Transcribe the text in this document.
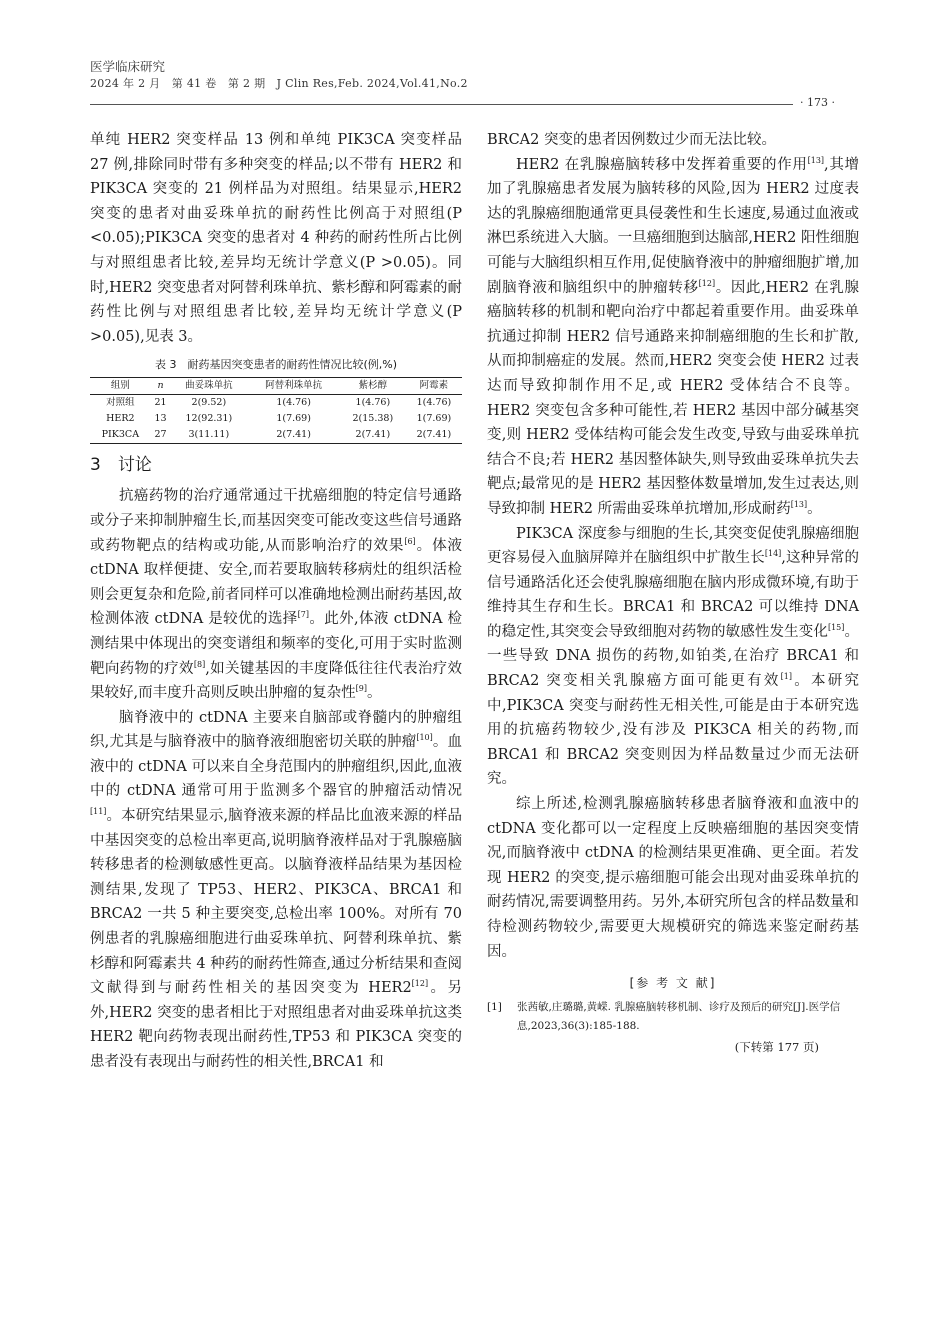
医学临床研究
2024 年 2 月　第 41 卷　第 2 期　J Clin Res,Feb. 2024,Vol.41,No.2
· 173 ·

单纯 HER2 突变样品 13 例和单纯 PIK3CA 突变样品 27 例,排除同时带有多种突变的样品;以不带有 HER2 和 PIK3CA 突变的 21 例样品为对照组。结果显示,HER2 突变的患者对曲妥珠单抗的耐药性比例高于对照组(P <0.05);PIK3CA 突变的患者对 4 种药的耐药性所占比例与对照组患者比较,差异均无统计学意义(P >0.05)。同时,HER2 突变患者对阿替利珠单抗、紫杉醇和阿霉素的耐药性比例与对照组患者比较,差异均无统计学意义(P >0.05),见表 3。

表 3　耐药基因突变患者的耐药性情况比较(例,%)
组别	n	曲妥珠单抗	阿替利珠单抗	紫杉醇	阿霉素
对照组	21	2(9.52)	1(4.76)	1(4.76)	1(4.76)
HER2	13	12(92.31)	1(7.69)	2(15.38)	1(7.69)
PIK3CA	27	3(11.11)	2(7.41)	2(7.41)	2(7.41)
3　讨论

抗癌药物的治疗通常通过干扰癌细胞的特定信号通路或分子来抑制肿瘤生长,而基因突变可能改变这些信号通路或药物靶点的结构或功能,从而影响治疗的效果[6]。体液 ctDNA 取样便捷、安全,而若要取脑转移病灶的组织活检则会更复杂和危险,前者同样可以准确地检测出耐药基因,故检测体液 ctDNA 是较优的选择[7]。此外,体液 ctDNA 检测结果中体现出的突变谱组和频率的变化,可用于实时监测靶向药物的疗效[8],如关键基因的丰度降低往往代表治疗效果较好,而丰度升高则反映出肿瘤的复杂性[9]。

脑脊液中的 ctDNA 主要来自脑部或脊髓内的肿瘤组织,尤其是与脑脊液中的脑脊液细胞密切关联的肿瘤[10]。血液中的 ctDNA 可以来自全身范围内的肿瘤组织,因此,血液中的 ctDNA 通常可用于监测多个器官的肿瘤活动情况[11]。本研究结果显示,脑脊液来源的样品比血液来源的样品中基因突变的总检出率更高,说明脑脊液样品对于乳腺癌脑转移患者的检测敏感性更高。以脑脊液样品结果为基因检测结果,发现了 TP53、HER2、PIK3CA、BRCA1 和 BRCA2 一共 5 种主要突变,总检出率 100%。对所有 70 例患者的乳腺癌细胞进行曲妥珠单抗、阿替利珠单抗、紫杉醇和阿霉素共 4 种药的耐药性筛查,通过分析结果和查阅文献得到与耐药性相关的基因突变为 HER2[12]。另外,HER2 突变的患者相比于对照组患者对曲妥珠单抗这类 HER2 靶向药物表现出耐药性,TP53 和 PIK3CA 突变的患者没有表现出与耐药性的相关性,BRCA1 和

BRCA2 突变的患者因例数过少而无法比较。

HER2 在乳腺癌脑转移中发挥着重要的作用[13],其增加了乳腺癌患者发展为脑转移的风险,因为 HER2 过度表达的乳腺癌细胞通常更具侵袭性和生长速度,易通过血液或淋巴系统进入大脑。一旦癌细胞到达脑部,HER2 阳性细胞可能与大脑组织相互作用,促使脑脊液中的肿瘤细胞扩增,加剧脑脊液和脑组织中的肿瘤转移[12]。因此,HER2 在乳腺癌脑转移的机制和靶向治疗中都起着重要作用。曲妥珠单抗通过抑制 HER2 信号通路来抑制癌细胞的生长和扩散,从而抑制癌症的发展。然而,HER2 突变会使 HER2 过表达而导致抑制作用不足,或 HER2 受体结合不良等。HER2 突变包含多种可能性,若 HER2 基因中部分碱基突变,则 HER2 受体结构可能会发生改变,导致与曲妥珠单抗结合不良;若 HER2 基因整体缺失,则导致曲妥珠单抗失去靶点;最常见的是 HER2 基因整体数量增加,发生过表达,则导致抑制 HER2 所需曲妥珠单抗增加,形成耐药[13]。

PIK3CA 深度参与细胞的生长,其突变促使乳腺癌细胞更容易侵入血脑屏障并在脑组织中扩散生长[14],这种异常的信号通路活化还会使乳腺癌细胞在脑内形成微环境,有助于维持其生存和生长。BRCA1 和 BRCA2 可以维持 DNA 的稳定性,其突变会导致细胞对药物的敏感性发生变化[15]。一些导致 DNA 损伤的药物,如铂类,在治疗 BRCA1 和 BRCA2 突变相关乳腺癌方面可能更有效[1]。本研究中,PIK3CA 突变与耐药性无相关性,可能是由于本研究选用的抗癌药物较少,没有涉及 PIK3CA 相关的药物,而 BRCA1 和 BRCA2 突变则因为样品数量过少而无法研究。

综上所述,检测乳腺癌脑转移患者脑脊液和血液中的 ctDNA 变化都可以一定程度上反映癌细胞的基因突变情况,而脑脊液中 ctDNA 的检测结果更准确、更全面。若发现 HER2 的突变,提示癌细胞可能会出现对曲妥珠单抗的耐药情况,需要调整用药。另外,本研究所包含的样品数量和待检测药物较少,需要更大规模研究的筛选来鉴定耐药基因。

[参 考 文 献]
[1]	张茜敏,庄璐璐,黄嵘. 乳腺癌脑转移机制、诊疗及预后的研究[J].医学信息,2023,36(3):185-188.
(下转第 177 页)
